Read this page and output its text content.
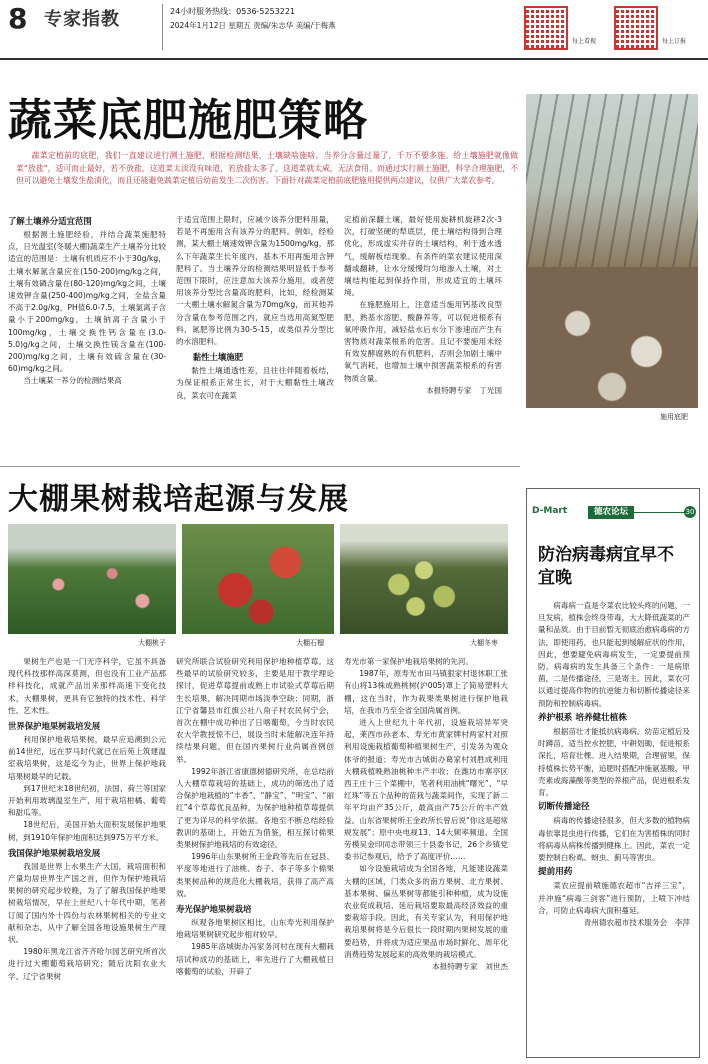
8 专家指教	24小时服务热线：0536-5253221
2024年1月12日 星期五 责编/朱志华 美编/于梅燕
每上看视	每上订报
蔬菜底肥施肥策略

蔬菜定植前的底肥，我们一直建议进行测土施肥，根据检测结果，土壤缺啥施啥。当养分含量过量了，千万不要多施。给土壤施肥就像做菜“放盐”，适可而止最好，若不放盐，这道菜太淡没有味道，若放盐太多了，这道菜就太咸，无法食用。而通过实行测土施肥，科学合理施肥，不但可以避免土壤发生盐渍化，而且还能避免蔬菜定植后幼苗发生二次伤害。下面针对蔬菜定植前底肥施用提供两点建议，仅供广大菜农参考。

了解土壤养分适宜范围

根据测土施肥经验，并结合蔬菜施肥特点，日光温室(冬暖大棚)蔬菜生产土壤养分比较适宜的范围是：土壤有机质应不小于30g/kg，土壤水解氮含量应在(150-200)mg/kg之间，土壤有效磷含量在(80-120)mg/kg之间，土壤速效钾含量(250-400)mg/kg之间，全盐含量不高于2.0g/kg，PH值6.0-7.5，土壤氯离子含量小于200mg/kg，土壤钠离子含量小于100mg/kg，土壤交换性钙含量在(3.0-5.0)g/kg之间，土壤交换性镁含量在(100-200)mg/kg之间，土壤有效硫含量在(30-60)mg/kg之间。

当土壤某一养分的检测结果高

于适宜范围上限时，应减少该养分肥料用量，若是不再施用含有该养分的肥料。例如，经检测，某大棚土壤速效钾含量为1500mg/kg，那么下年蔬菜生长年度内，基本不用再施用含钾肥料了。当土壤养分的检测结果明显低于参考范围下限时，应注意加大该养分施用，或者使用该养分型比含量高的肥料，比如，经检测某一大棚土壤水解氮含量为70mg/kg，而其他养分含量在参考范围之内，就应当选用高氮型肥料，氮肥等比例为30-5-15，或类似养分型比的水溶肥料。

黏性土壤施肥

黏性土壤通透性差，且往往伴随着板结，为保证根系正常生长，对于大棚黏性土壤改良，菜农可在蔬菜

定植前深翻土壤，最好使用旋耕机旋耕2次-3次，打破坚硬的犁底层，使土壤结构得到合理优化，形成虚实并存的土壤结构，利于透水透气，缓解板结现象。有条件的菜农建议使用深翻或翻耕，让水分缓慢均匀地渗入土壤，对土壤结构能起到保持作用，形成适宜的土壤环境。

在施肥施用上，注意适当施用钙基改良型肥，熟基水溶肥、酸静养等，可以促进根系有氧呼吸作用，减轻盐水后水分下渗速而产生有害物质对蔬菜根系的危害。且记不要施用未经有效发酵腐熟的有机肥料，否则会加剧土壤中氧气消耗，也增加土壤中损害蔬菜根系的有害物质含量。

本报特聘专家　丁光国

施用底肥
大棚果树栽培起源与发展
大棚桃子	大棚石榴	大棚冬枣

果树生产也是一门无序科学，它虽不具备现代科技那样高深莫测，但也没有工业产品那样科技化，成就产品出来那样高速下变化技术，大棚果树，更具有它独特的技术性、科学性、艺术性。

世界保护地果树栽培发展

利用保护地栽培果树，最早应追溯到公元前14世纪，远在罗马时代就已在后苑上筑建温室栽培果树，这是迄今为止，世界上保护地栽培果树最早的记载。

到17世纪末18世纪初，法国、荷兰等国家开始利用玻璃温室生产，用于栽培柑橘、葡萄和甜瓜等。

18世纪后，美国开始大面积发展保护地果树，到1910年保护地面积达到975万平方米。

我国保护地果树栽培发展

我国是世界上水果生产大国，栽培面积和产量均居世界生产国之首，但作为保护地栽培果树的研究起步较晚，为了了解我国保护地果树栽培情况，早在上世纪八十年代中期，笔者订阅了国内外十四份与农林果树相关的专业文献和杂志，从中了解全国各地设施果树生产现状。

1980年黑龙江省齐齐哈尔园艺研究所首次进行过大棚葡萄栽培研究；随后沈阳农业大学、辽宁省果树

研究所联合试验研究利用保护地种植草莓。这些最早的试验研究较多，主要是用于教学理论探讨，促进草莓提前或熟上市试验式草莓后期生长培果，解决同期市场淡季空缺；同期，浙江宁省馨县市红旗公社八角子村农民何宁会，首次在棚中成功种出了日喀葡萄，今当时农民农大学教授惊不已，展设当时未能解决连年持续结果问题，但在国内果树行业尚属首例创举。

1992年浙江省康德树德研究所，在总结前人大棚草莓栽培的基础上，成功的筛选出了适合保护地栽植的“丰香”、“静宝”、“明宝”、“丽红”4个草莓优良品种，为保护地种植草莓提供了更为详尽的科学依据。各地至不断总结经验教训的基础上，开始五为借鉴，相互探讨棉果类果树保护地栽培的有效途径。

1996年山东果树所王金政等先后在冠县、平度等地进行了油桃、杏子、李子等多个棉果类果树品种的规范化大棚栽培，获得了高产高效。

寿光保护地果树栽培

纵观各地果树区相比，山东寿光利用保护地栽培果树研究起步相对较早。

1985年洛城街办冯家务河村在现有大棚栽培试种成功的基础上，率先进行了大棚栽植日喀葡萄的试验，开辟了

寿光市第一家保护地栽培果树的先河。

1987年，原寿光市田马镇狠家村退休职工张有山将13株成熟桃树(沪005)罩上了简易塑料大棚，这在当时，作为栽果类果树进行保护地栽培，在我市乃至全省全国尚属首例。

进入上世纪九十年代初，设施栽培异军突起，莱西市孙老本、寿光市黄家牌村两家村对照利用设施栽植葡萄种植果树生产，引发务为观众体爷的报道；寿光市古城街办葛家村刘胜成利用大棚栽植晚熟油桃种丰产丰收；在潍坊市寨亭区西王庄十三个菜棚中，笔者利用油桃“曙光”、“早红珠”等五个品种的苗栽与蔬菜间作，实现了新二年平均亩产35公斤，最高亩产75公斤的丰产效益。山东省果树所王金政所长曾后说“你这是超常规发展”；原中央电视13、14大频率频道、全国劳模吴金印同志带领三十县委书记，26个乡镇党委书记参观后，给予了高度评价……

如今设施栽培成为全国各地，凡能建设蔬菜大棚的区域，门类众多的南方果树、北方果树、基本果树、偏丛果树等都能引种种植，成为设施农业促成栽培、延后栽培要取最高经济效益的重要栽培手段。因此，有关专家认为，利用保护地栽培果树将是今后很长一段时期内果树发展的重要趋势，并将成为适应果品市场时鲜化、周年化消费趋势发展起来的高效果的栽培模式。

本报特聘专家　刘世杰

D-Mart	德农论坛	30
防治病毒病宜早不宜晚

病毒病一直是令菜农比较头疼的问题，一旦发病，植株会终身带毒，大大降低蔬菜的产量和品质。由于目前暂无彻底治愈病毒病的方法，即使用药，也只能起到缓解症状的作用，因此，想要避免病毒病发生，一定要提前预防。病毒病的发生具备三个条件：一是病原菌，二是传播途径，三是寄主。因此，菜农可以通过提高作物的抗逆能力和切断传播途径来预防和控制病毒病。

养护根系 培养健壮植株

根据苗壮才能抵抗病毒病。幼苗定植后及时蹲苗，适当控水控肥，中耕划锄，促进根系深扎，培育壮棵。进入结果期，合理留果，保持植株长势平衡，追肥时搭配冲施氨基酸、甲壳素或海藻酸等类型的养根产品，促进根系发育。

切断传播途径

病毒的传播途径很多，但大多数的植物病毒依靠昆虫进行传播，它们在为害植株的同时将病毒从病株传播到健株上。因此，菜农一定要控制白粉虱、蚜虫、蓟马等害虫。

提前用药

菜农应提前喷施德农超市“吉祥三宝”，并冲施“病毒三剑客”进行预防，上喷下冲结合，可防止病毒病大面积蔓延。

青州德农超市技术服务会　李萍
